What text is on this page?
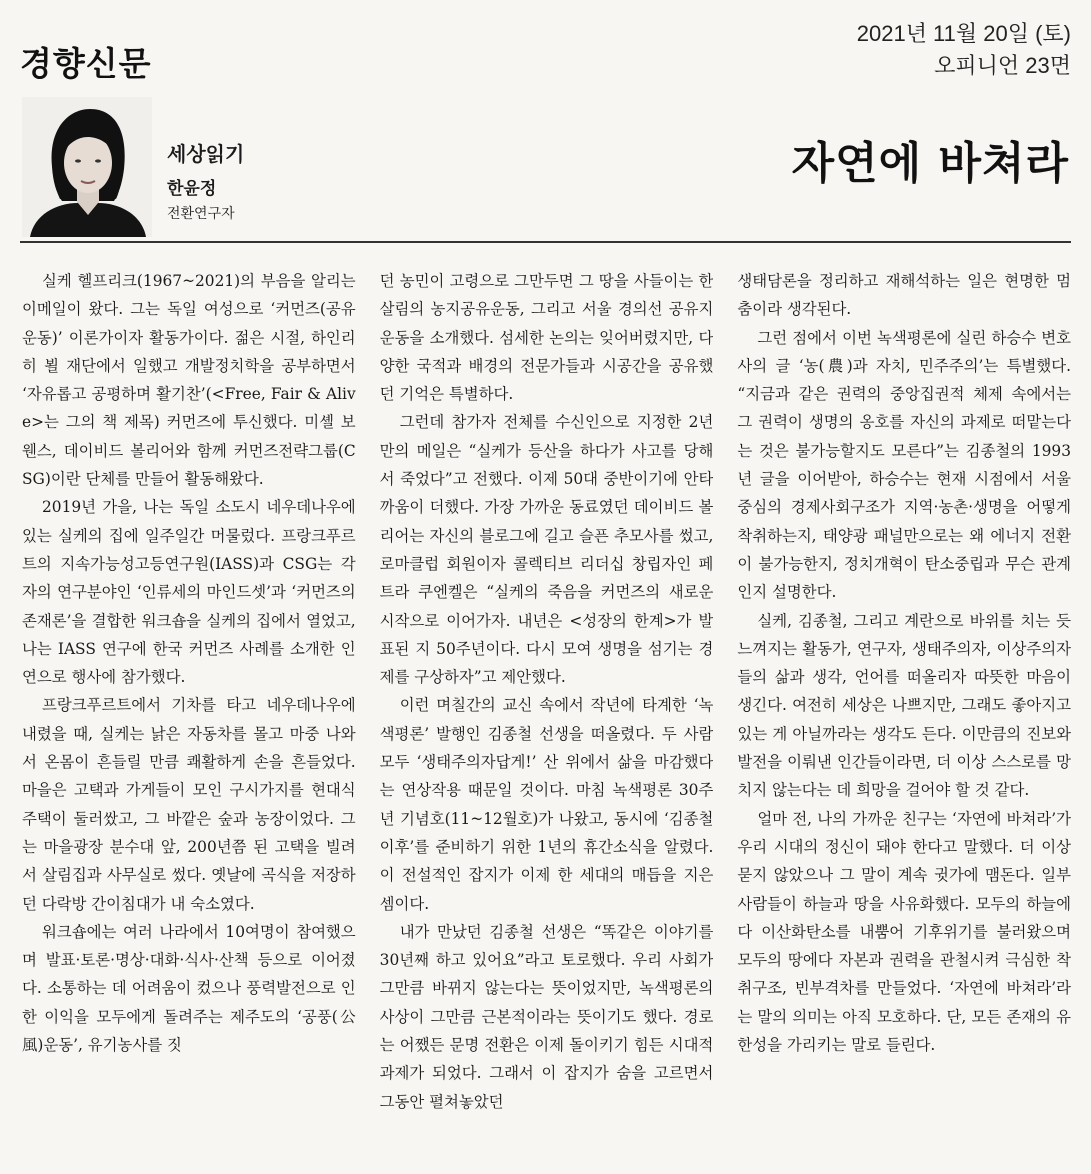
경향신문
2021년 11월 20일 (토)
오피니언 23면
세상읽기
한윤정
전환연구자
자연에 바쳐라

실케 헬프리크(1967~2021)의 부음을 알리는 이메일이 왔다. 그는 독일 여성으로 ‘커먼즈(공유운동)’ 이론가이자 활동가이다. 젊은 시절, 하인리히 뵐 재단에서 일했고 개발정치학을 공부하면서 ‘자유롭고 공평하며 활기찬’(<Free, Fair & Alive>는 그의 책 제목) 커먼즈에 투신했다. 미셸 보웬스, 데이비드 볼리어와 함께 커먼즈전략그룹(CSG)이란 단체를 만들어 활동해왔다.

2019년 가을, 나는 독일 소도시 네우데나우에 있는 실케의 집에 일주일간 머물렀다. 프랑크푸르트의 지속가능성고등연구원(IASS)과 CSG는 각자의 연구분야인 ‘인류세의 마인드셋’과 ‘커먼즈의 존재론’을 결합한 워크숍을 실케의 집에서 열었고, 나는 IASS 연구에 한국 커먼즈 사례를 소개한 인연으로 행사에 참가했다.

프랑크푸르트에서 기차를 타고 네우데나우에 내렸을 때, 실케는 낡은 자동차를 몰고 마중 나와서 온몸이 흔들릴 만큼 쾌활하게 손을 흔들었다. 마을은 고택과 가게들이 모인 구시가지를 현대식 주택이 둘러쌌고, 그 바깥은 숲과 농장이었다. 그는 마을광장 분수대 앞, 200년쯤 된 고택을 빌려서 살림집과 사무실로 썼다. 옛날에 곡식을 저장하던 다락방 간이침대가 내 숙소였다.

워크숍에는 여러 나라에서 10여명이 참여했으며 발표·토론·명상·대화·식사·산책 등으로 이어졌다. 소통하는 데 어려움이 컸으나 풍력발전으로 인한 이익을 모두에게 돌려주는 제주도의 ‘공풍(公風)운동’, 유기농사를 짓

던 농민이 고령으로 그만두면 그 땅을 사들이는 한살림의 농지공유운동, 그리고 서울 경의선 공유지운동을 소개했다. 섬세한 논의는 잊어버렸지만, 다양한 국적과 배경의 전문가들과 시공간을 공유했던 기억은 특별하다.

그런데 참가자 전체를 수신인으로 지정한 2년 만의 메일은 “실케가 등산을 하다가 사고를 당해서 죽었다”고 전했다. 이제 50대 중반이기에 안타까움이 더했다. 가장 가까운 동료였던 데이비드 볼리어는 자신의 블로그에 길고 슬픈 추모사를 썼고, 로마클럽 회원이자 콜렉티브 리더십 창립자인 페트라 쿠엔켈은 “실케의 죽음을 커먼즈의 새로운 시작으로 이어가자. 내년은 <성장의 한계>가 발표된 지 50주년이다. 다시 모여 생명을 섬기는 경제를 구상하자”고 제안했다.

이런 며칠간의 교신 속에서 작년에 타계한 ‘녹색평론’ 발행인 김종철 선생을 떠올렸다. 두 사람 모두 ‘생태주의자답게!’ 산 위에서 삶을 마감했다는 연상작용 때문일 것이다. 마침 녹색평론 30주년 기념호(11~12월호)가 나왔고, 동시에 ‘김종철 이후’를 준비하기 위한 1년의 휴간소식을 알렸다. 이 전설적인 잡지가 이제 한 세대의 매듭을 지은 셈이다.

내가 만났던 김종철 선생은 “똑같은 이야기를 30년째 하고 있어요”라고 토로했다. 우리 사회가 그만큼 바뀌지 않는다는 뜻이었지만, 녹색평론의 사상이 그만큼 근본적이라는 뜻이기도 했다. 경로는 어쨌든 문명 전환은 이제 돌이키기 힘든 시대적 과제가 되었다. 그래서 이 잡지가 숨을 고르면서 그동안 펼쳐놓았던

생태담론을 정리하고 재해석하는 일은 현명한 멈춤이라 생각된다.

그런 점에서 이번 녹색평론에 실린 하승수 변호사의 글 ‘농(農)과 자치, 민주주의’는 특별했다. “지금과 같은 권력의 중앙집권적 체제 속에서는 그 권력이 생명의 옹호를 자신의 과제로 떠맡는다는 것은 불가능할지도 모른다”는 김종철의 1993년 글을 이어받아, 하승수는 현재 시점에서 서울 중심의 경제사회구조가 지역·농촌·생명을 어떻게 착취하는지, 태양광 패널만으로는 왜 에너지 전환이 불가능한지, 정치개혁이 탄소중립과 무슨 관계인지 설명한다.

실케, 김종철, 그리고 계란으로 바위를 치는 듯 느껴지는 활동가, 연구자, 생태주의자, 이상주의자들의 삶과 생각, 언어를 떠올리자 따뜻한 마음이 생긴다. 여전히 세상은 나쁘지만, 그래도 좋아지고 있는 게 아닐까라는 생각도 든다. 이만큼의 진보와 발전을 이뤄낸 인간들이라면, 더 이상 스스로를 망치지 않는다는 데 희망을 걸어야 할 것 같다.

얼마 전, 나의 가까운 친구는 ‘자연에 바쳐라’가 우리 시대의 정신이 돼야 한다고 말했다. 더 이상 묻지 않았으나 그 말이 계속 귓가에 맴돈다. 일부 사람들이 하늘과 땅을 사유화했다. 모두의 하늘에다 이산화탄소를 내뿜어 기후위기를 불러왔으며 모두의 땅에다 자본과 권력을 관철시켜 극심한 착취구조, 빈부격차를 만들었다. ‘자연에 바쳐라’라는 말의 의미는 아직 모호하다. 단, 모든 존재의 유한성을 가리키는 말로 들린다.
